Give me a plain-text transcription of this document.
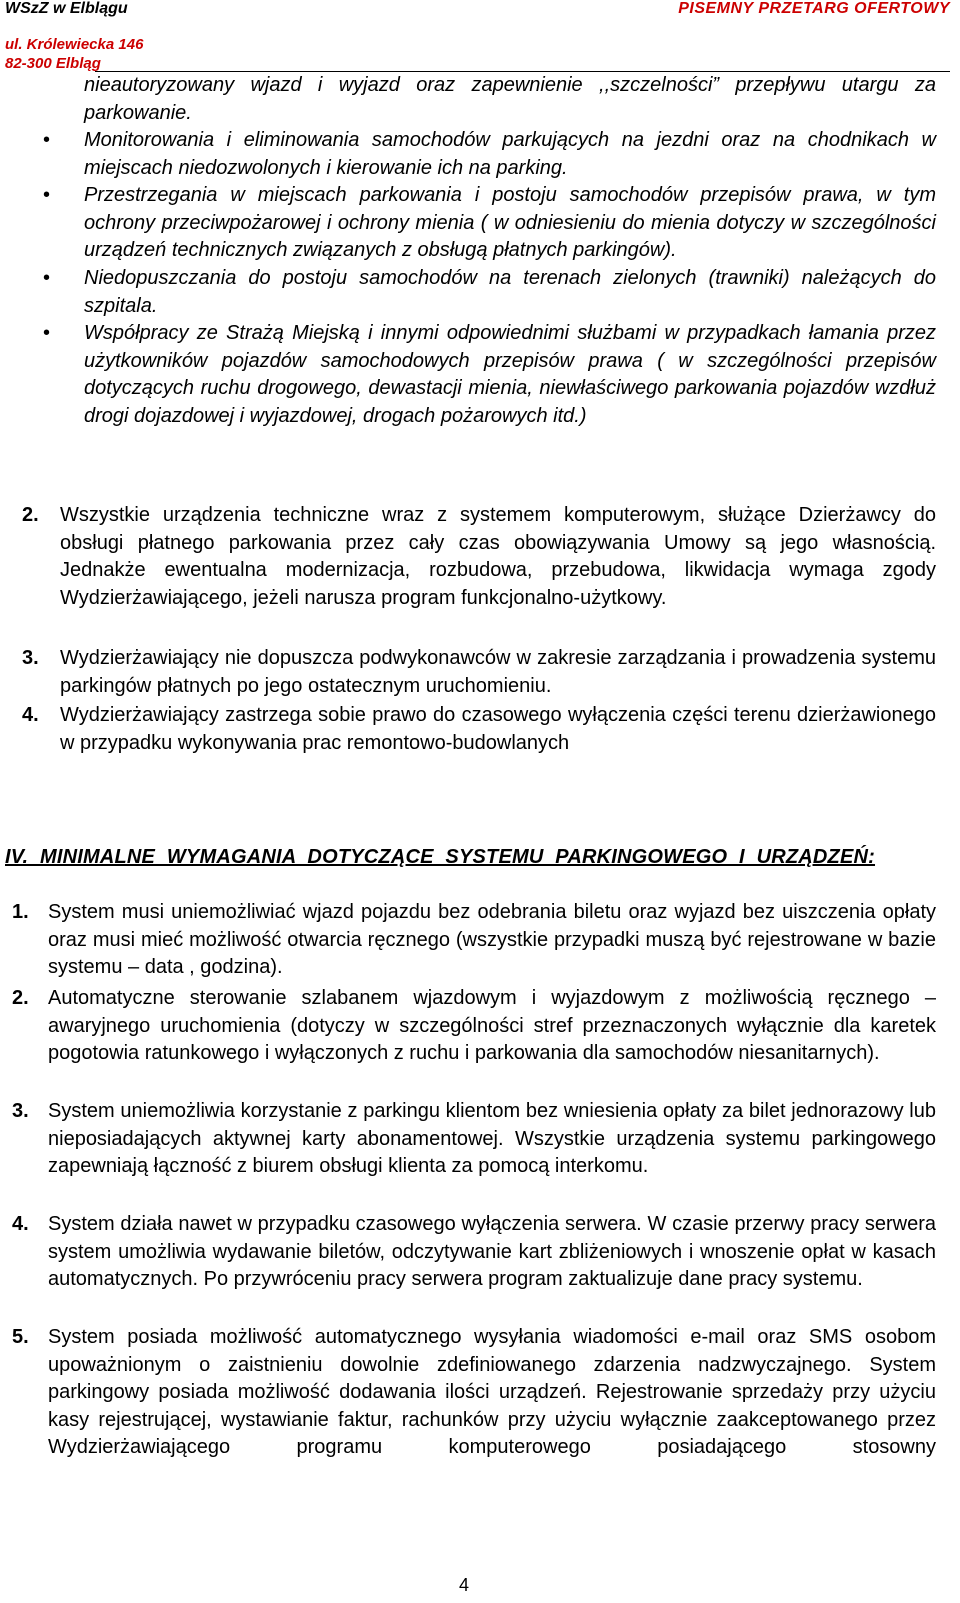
WSzZ w Elblągu	PISEMNY PRZETARG OFERTOWY
ul. Królewiecka 146
82-300 Elbląg
nieautoryzowany wjazd i wyjazd oraz zapewnienie ,,szczelności” przepływu utargu za parkowanie.
• Monitorowania i eliminowania samochodów parkujących na jezdni oraz na chodnikach w miejscach niedozwolonych i kierowanie ich na parking.
• Przestrzegania w miejscach parkowania i postoju samochodów przepisów prawa, w tym ochrony przeciwpożarowej i ochrony mienia ( w odniesieniu do mienia dotyczy w szczególności urządzeń technicznych związanych z obsługą płatnych parkingów).
• Niedopuszczania do postoju samochodów na terenach zielonych (trawniki) należących do szpitala.
• Współpracy ze Strażą Miejską i innymi odpowiednimi służbami w przypadkach łamania przez użytkowników pojazdów samochodowych przepisów prawa ( w szczególności przepisów dotyczących ruchu drogowego, dewastacji mienia, niewłaściwego parkowania pojazdów wzdłuż drogi dojazdowej i wyjazdowej, drogach pożarowych itd.)
2. Wszystkie urządzenia techniczne wraz z systemem komputerowym, służące Dzierżawcy do obsługi płatnego parkowania przez cały czas obowiązywania Umowy są jego własnością. Jednakże ewentualna modernizacja, rozbudowa, przebudowa, likwidacja wymaga zgody Wydzierżawiającego, jeżeli narusza program funkcjonalno-użytkowy.
3. Wydzierżawiający nie dopuszcza podwykonawców w zakresie zarządzania i prowadzenia systemu parkingów płatnych po jego ostatecznym uruchomieniu.
4. Wydzierżawiający zastrzega sobie prawo do czasowego wyłączenia części terenu dzierżawionego w przypadku wykonywania prac remontowo-budowlanych
IV. MINIMALNE WYMAGANIA DOTYCZĄCE SYSTEMU PARKINGOWEGO I URZĄDZEŃ:
1. System musi uniemożliwiać wjazd pojazdu bez odebrania biletu oraz wyjazd bez uiszczenia opłaty oraz musi mieć możliwość otwarcia ręcznego (wszystkie przypadki muszą być rejestrowane w bazie systemu – data , godzina).
2. Automatyczne sterowanie szlabanem wjazdowym i wyjazdowym z możliwością ręcznego – awaryjnego uruchomienia (dotyczy w szczególności stref przeznaczonych wyłącznie dla karetek pogotowia ratunkowego i wyłączonych z ruchu i parkowania dla samochodów niesanitarnych).
3. System uniemożliwia korzystanie z parkingu klientom bez wniesienia opłaty za bilet jednorazowy lub nieposiadających aktywnej karty abonamentowej. Wszystkie urządzenia systemu parkingowego zapewniają łączność z biurem obsługi klienta za pomocą interkomu.
4. System działa nawet w przypadku czasowego wyłączenia serwera. W czasie przerwy pracy serwera system umożliwia wydawanie biletów, odczytywanie kart zbliżeniowych i wnoszenie opłat w kasach automatycznych. Po przywróceniu pracy serwera program zaktualizuje dane pracy systemu.
5. System posiada możliwość automatycznego wysyłania wiadomości e-mail oraz SMS osobom upoważnionym o zaistnieniu dowolnie zdefiniowanego zdarzenia nadzwyczajnego. System parkingowy posiada możliwość dodawania ilości urządzeń. Rejestrowanie sprzedaży przy użyciu kasy rejestrującej, wystawianie faktur, rachunków przy użyciu wyłącznie zaakceptowanego przez Wydzierżawiającego programu komputerowego posiadającego stosowny
4
